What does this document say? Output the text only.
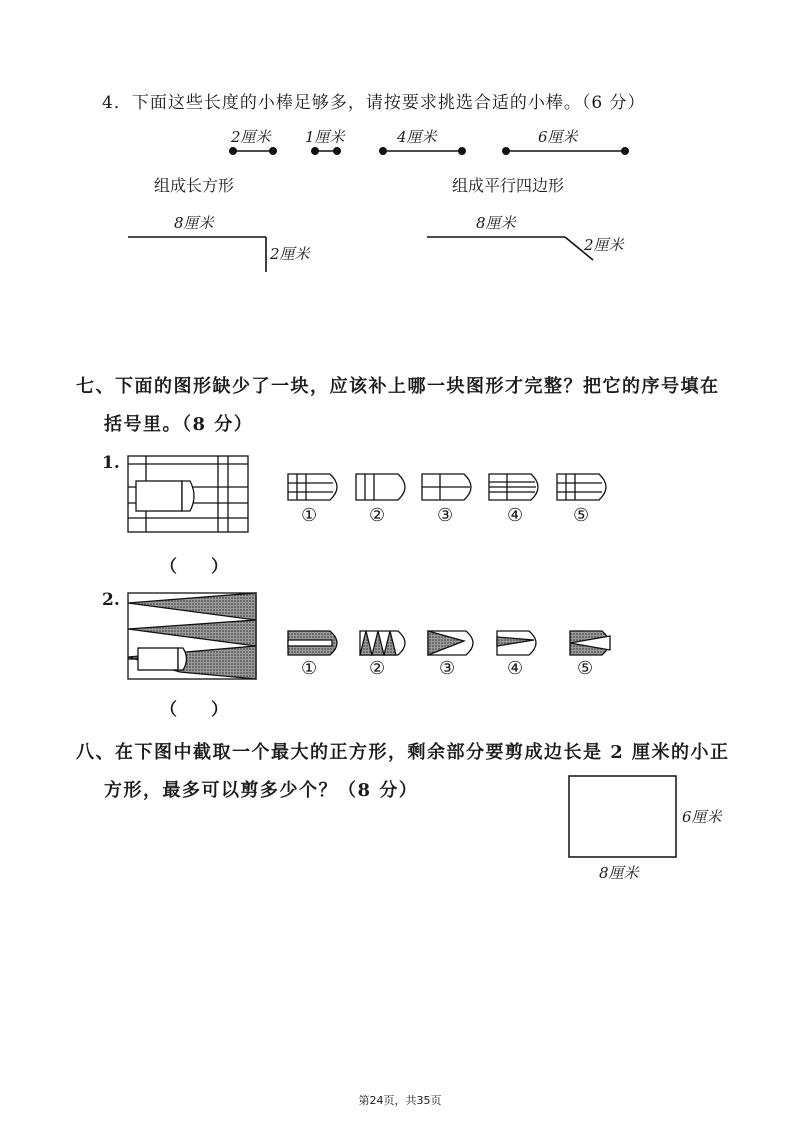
4．下面这些长度的小棒足够多，请按要求挑选合适的小棒。（6 分）
2厘米 1厘米	4厘米	6厘米
组成长方形	组成平行四边形
8厘米
2厘米
8厘米
2厘米
七、下面的图形缺少了一块，应该补上哪一块图形才完整？把它的序号填在
括号里。（8 分）
1.
①	②	③	④	⑤
（　　）
2.
①	②	③	④	⑤
（　　）
八、在下图中截取一个最大的正方形，剩余部分要剪成边长是 2 厘米的小正
方形，最多可以剪多少个？（8 分）
6厘米
8厘米
第24页，共35页
